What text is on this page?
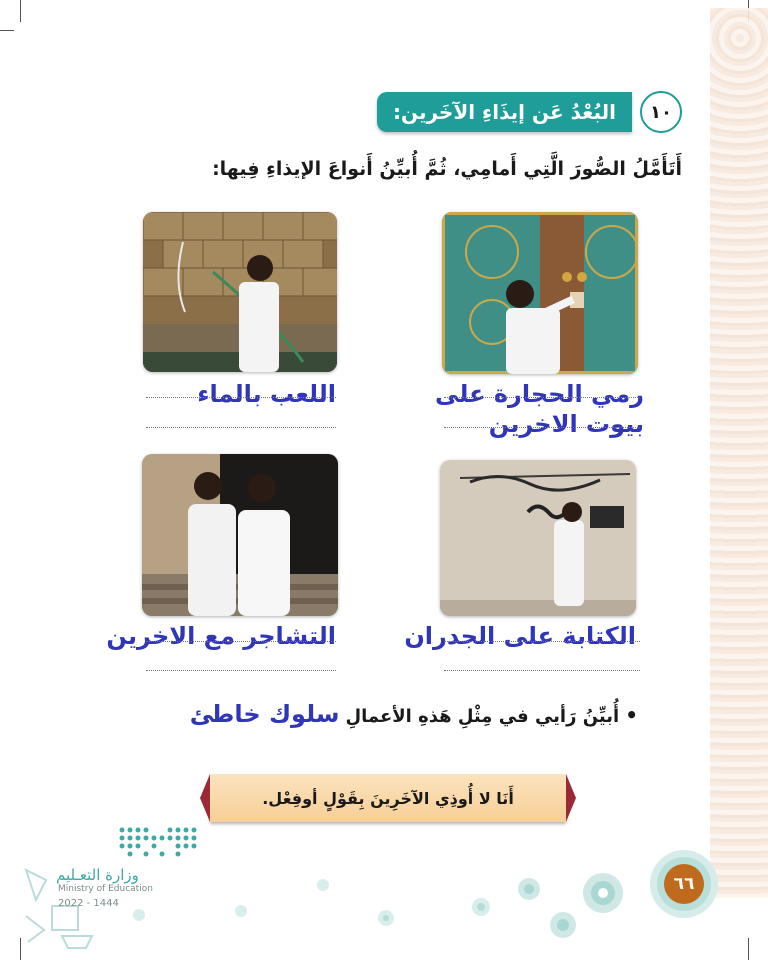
١٠
البُعْدُ عَن إيذَاءِ الآخَرين:
أَتَأَمَّلُ الصُّورَ الَّتِي أَمامِي، ثُمَّ أُبيِّنُ أَنواعَ الإيذاءِ فِيها:
رمي الحجارة على
بيوت الاخرين
اللعب بالماء
الكتابة على الجدران
التشاجر مع الاخرين
•
أُبيِّنُ رَأيي في مِثْلِ هَذهِ الأعمالِ
سلوك خاطئ
أَنَا لا أُوذِي الآخَرِينَ بِقَوْلٍ أوفِعْل.
٦٦
وزارة التعـليم
Ministry of Education
2022 - 1444
